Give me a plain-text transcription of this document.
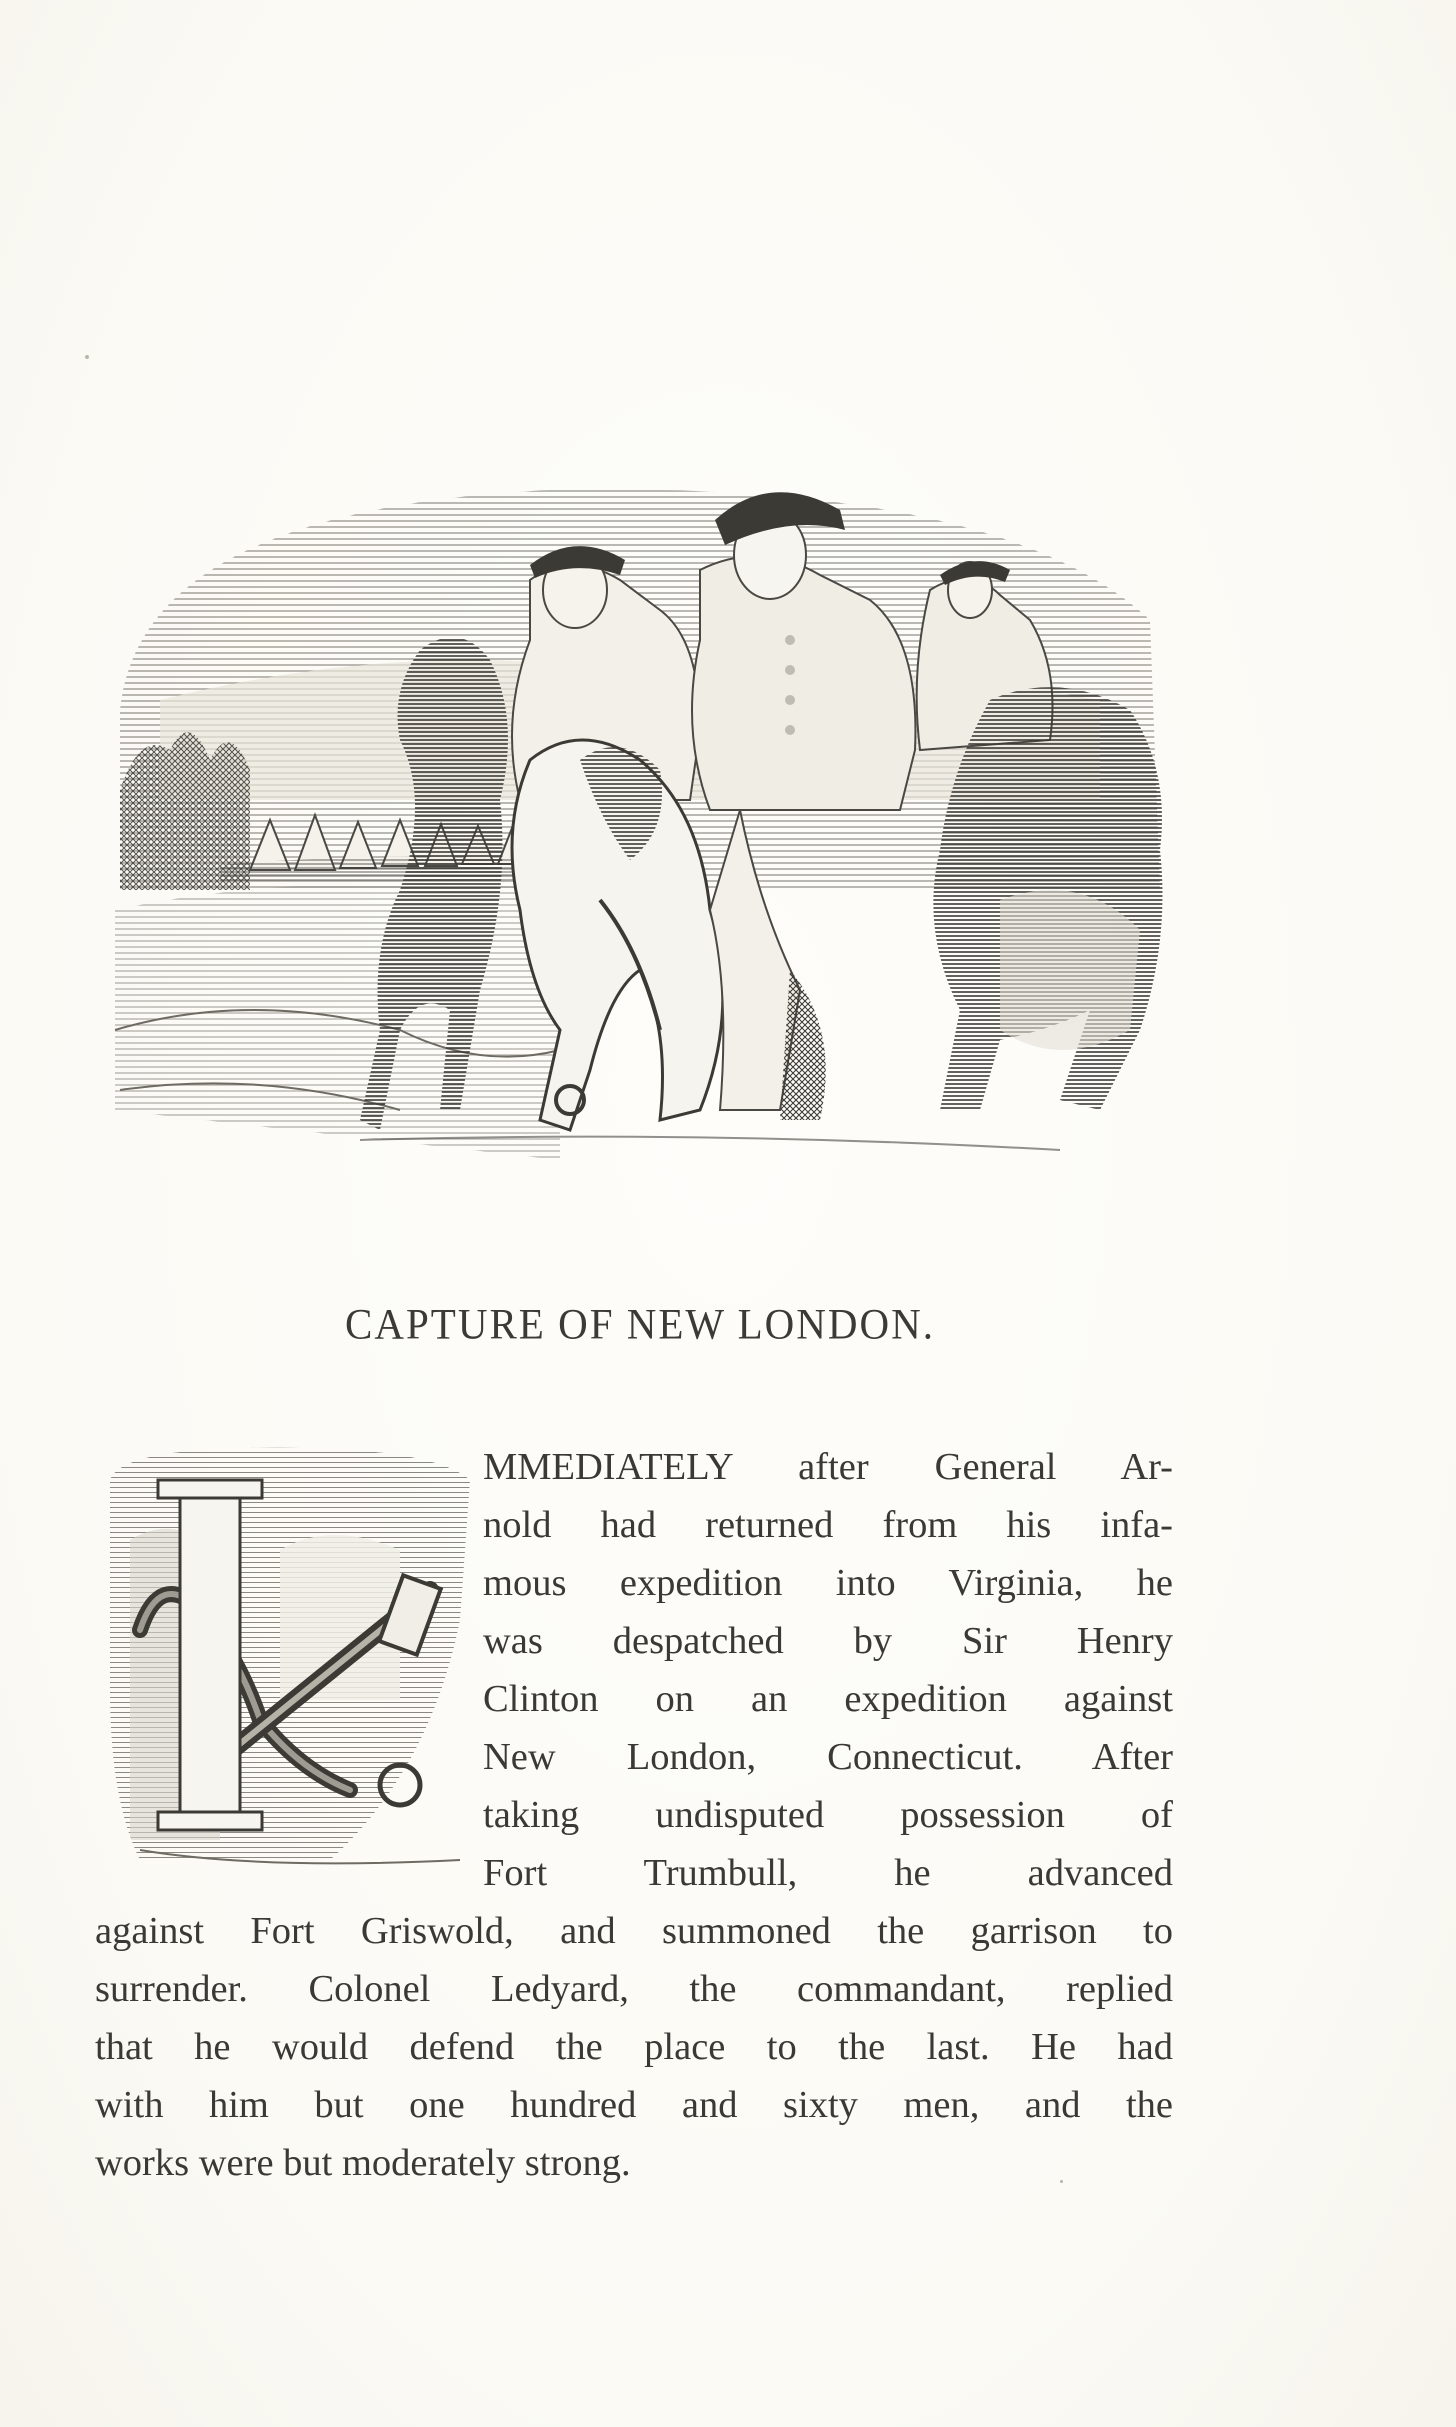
CAPTURE OF NEW LONDON.
MMEDIATELY after General Ar-
nold had returned from his infa-
mous expedition into Virginia, he
was despatched by Sir Henry
Clinton on an expedition against
New London, Connecticut. After
taking undisputed possession of
Fort Trumbull, he advanced
against Fort Griswold, and summoned the garrison to
surrender. Colonel Ledyard, the commandant, replied
that he would defend the place to the last. He had
with him but one hundred and sixty men, and the
works were but moderately strong.
